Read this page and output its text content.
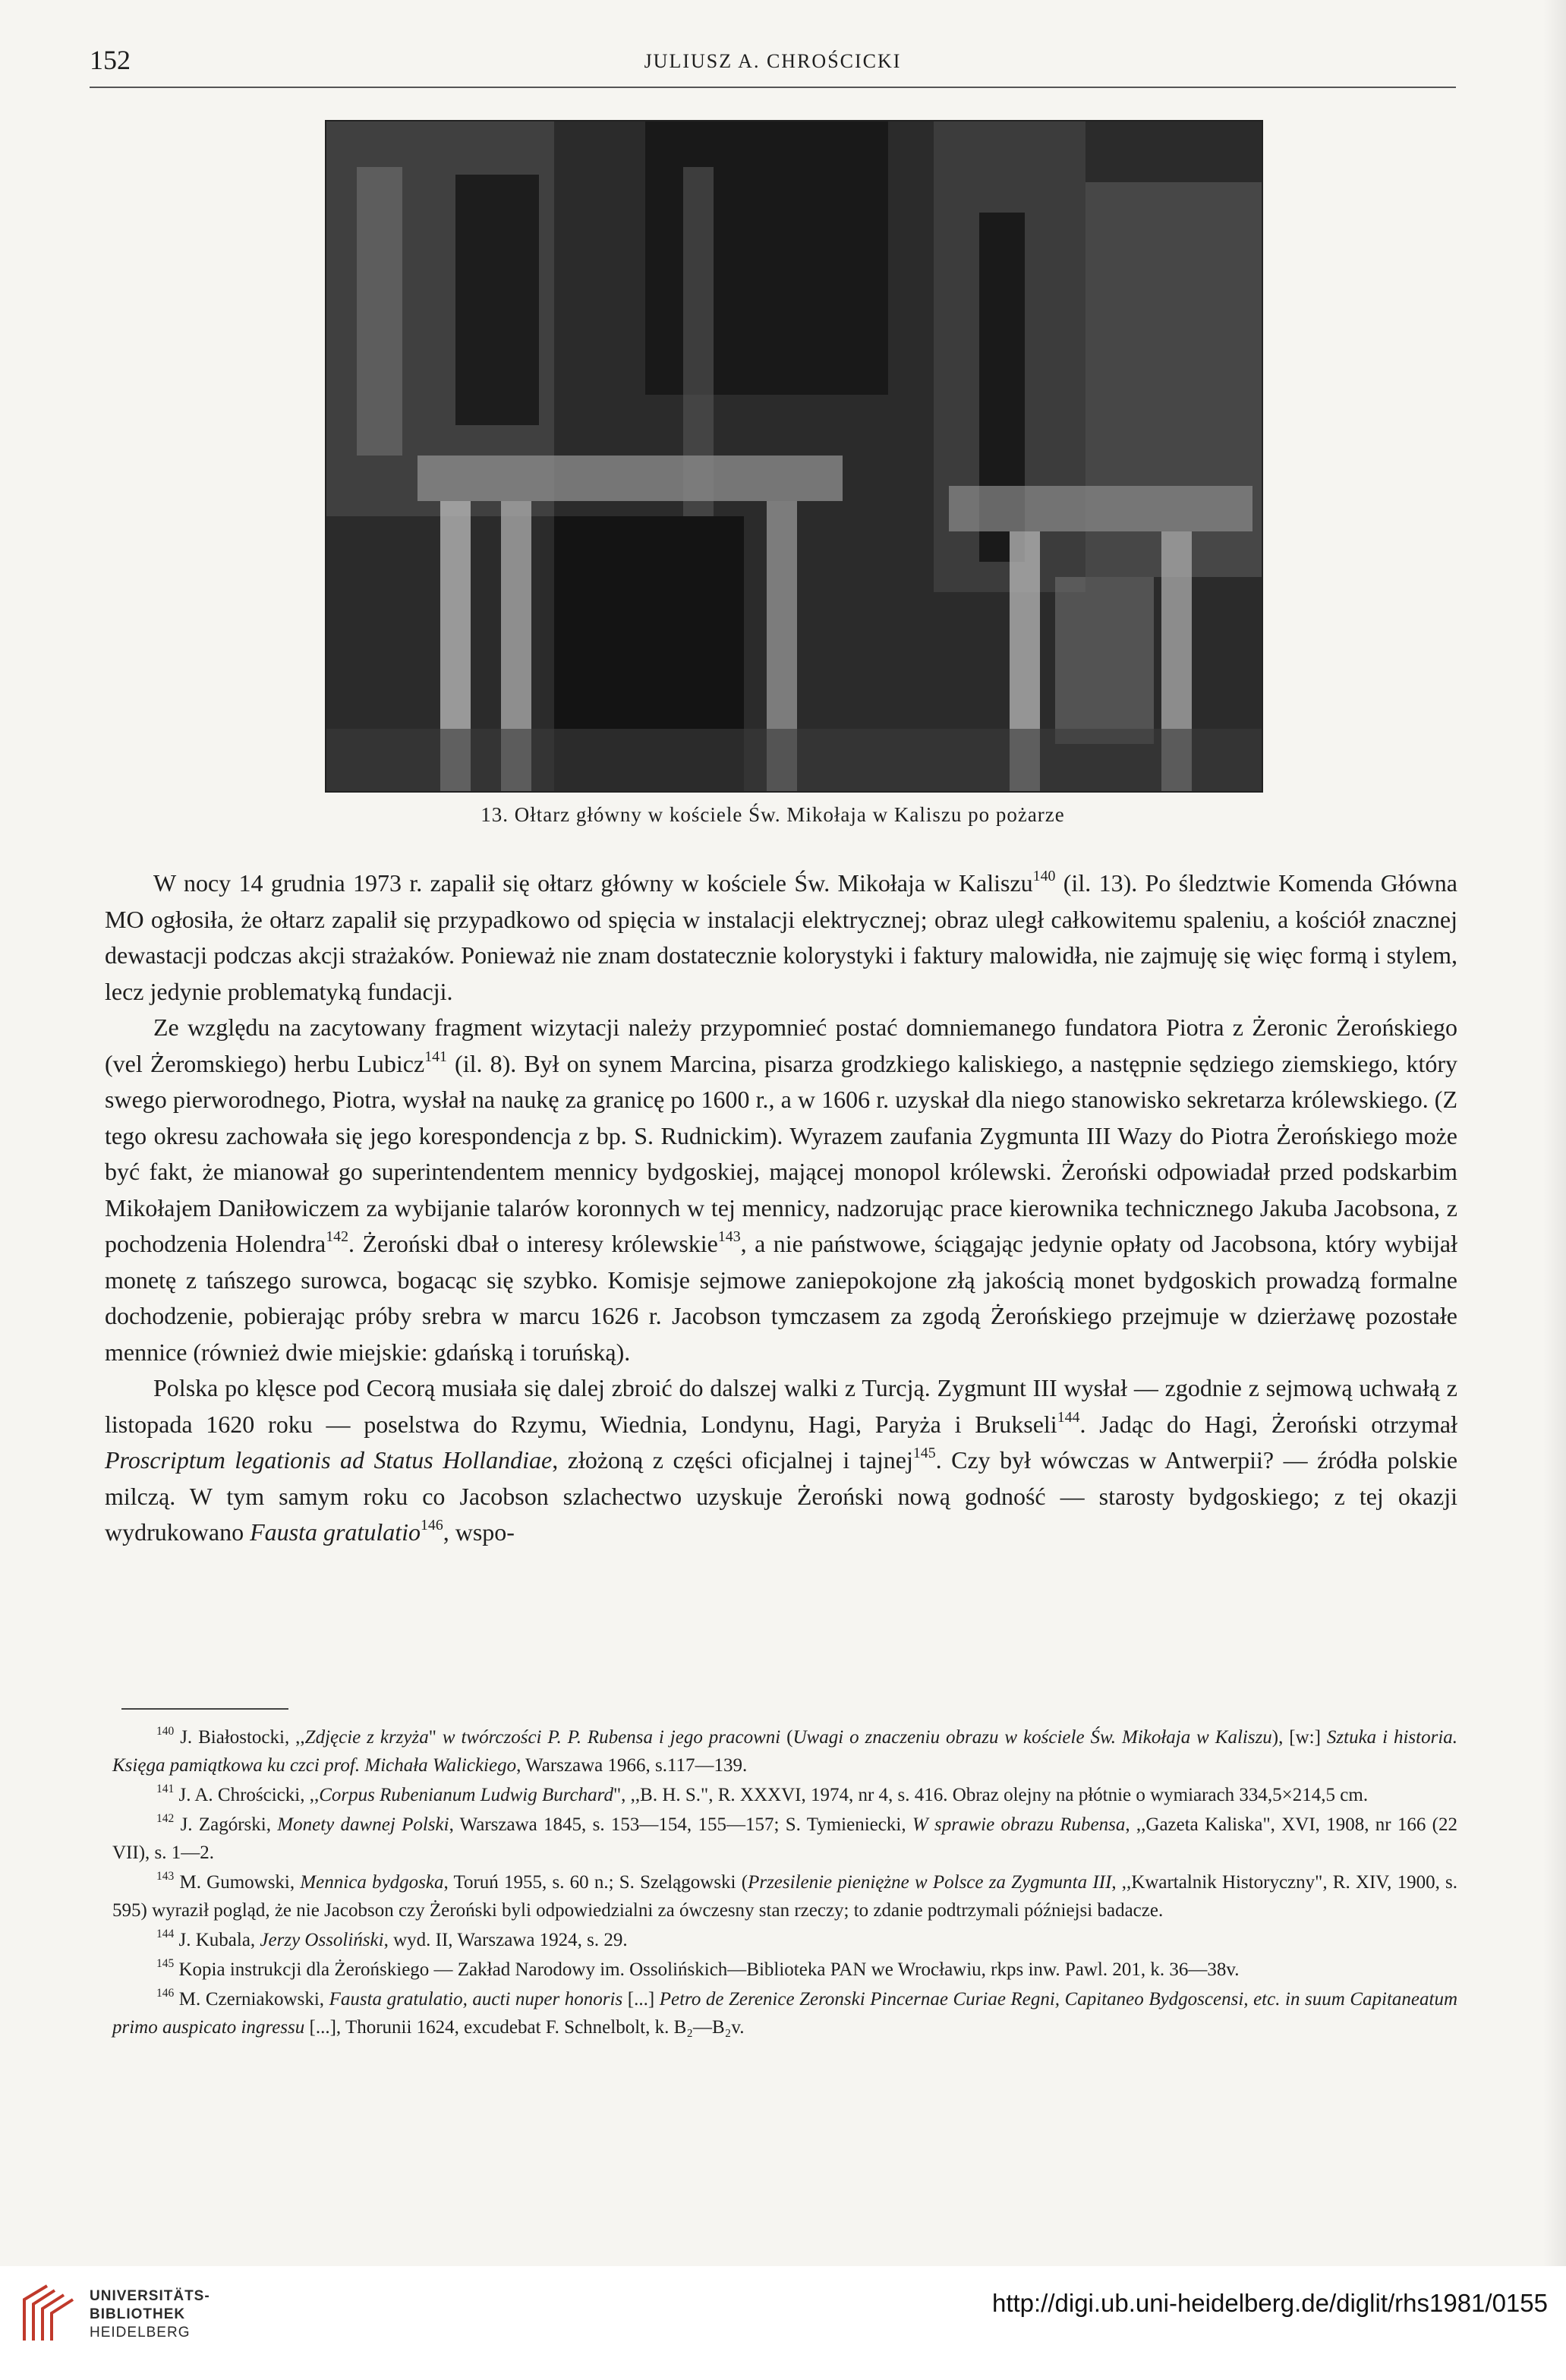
152	JULIUSZ A. CHROŚCICKI
13. Ołtarz główny w kościele Św. Mikołaja w Kaliszu po pożarze

W nocy 14 grudnia 1973 r. zapalił się ołtarz główny w kościele Św. Mikołaja w Kaliszu$^{140}$ (il. 13). Po śledztwie Komenda Główna MO ogłosiła, że ołtarz zapalił się przypadkowo od spięcia w instalacji elektrycznej; obraz uległ całkowitemu spaleniu, a kościół znacznej dewastacji podczas akcji strażaków. Ponieważ nie znam dostatecznie kolorystyki i faktury malowidła, nie zajmuję się więc formą i stylem, lecz jedynie problematyką fundacji.

Ze względu na zacytowany fragment wizytacji należy przypomnieć postać domniemanego fundatora Piotra z Żeronic Żerońskiego (vel Żeromskiego) herbu Lubicz$^{141}$ (il. 8). Był on synem Marcina, pisarza grodzkiego kaliskiego, a następnie sędziego ziemskiego, który swego pierworodnego, Piotra, wysłał na naukę za granicę po 1600 r., a w 1606 r. uzyskał dla niego stanowisko sekretarza królewskiego. (Z tego okresu zachowała się jego korespondencja z bp. S. Rudnickim). Wyrazem zaufania Zygmunta III Wazy do Piotra Żerońskiego może być fakt, że mianował go superintendentem mennicy bydgoskiej, mającej monopol królewski. Żeroński odpowiadał przed podskarbim Mikołajem Daniłowiczem za wybijanie talarów koronnych w tej mennicy, nadzorując prace kierownika technicznego Jakuba Jacobsona, z pochodzenia Holendra$^{142}$. Żeroński dbał o interesy królewskie$^{143}$, a nie państwowe, ściągając jedynie opłaty od Jacobsona, który wybijał monetę z tańszego surowca, bogacąc się szybko. Komisje sejmowe zaniepokojone złą jakością monet bydgoskich prowadzą formalne dochodzenie, pobierając próby srebra w marcu 1626 r. Jacobson tymczasem za zgodą Żerońskiego przejmuje w dzierżawę pozostałe mennice (również dwie miejskie: gdańską i toruńską).

Polska po klęsce pod Cecorą musiała się dalej zbroić do dalszej walki z Turcją. Zygmunt III wysłał — zgodnie z sejmową uchwałą z listopada 1620 roku — poselstwa do Rzymu, Wiednia, Londynu, Hagi, Paryża i Brukseli$^{144}$. Jadąc do Hagi, Żeroński otrzymał Proscriptum legationis ad Status Hollandiae, złożoną z części oficjalnej i tajnej$^{145}$. Czy był wówczas w Antwerpii? — źródła polskie milczą. W tym samym roku co Jacobson szlachectwo uzyskuje Żeroński nową godność — starosty bydgoskiego; z tej okazji wydrukowano Fausta gratulatio$^{146}$, wspo-

$^{140}$ J. Białostocki, ,,Zdjęcie z krzyża" w twórczości P. P. Rubensa i jego pracowni (Uwagi o znaczeniu obrazu w kościele Św. Mikołaja w Kaliszu), [w:] Sztuka i historia. Księga pamiątkowa ku czci prof. Michała Walickiego, Warszawa 1966, s.117—139.

$^{141}$ J. A. Chrościcki, ,,Corpus Rubenianum Ludwig Burchard", ,,B. H. S.", R. XXXVI, 1974, nr 4, s. 416. Obraz olejny na płótnie o wymiarach 334,5×214,5 cm.

$^{142}$ J. Zagórski, Monety dawnej Polski, Warszawa 1845, s. 153—154, 155—157; S. Tymieniecki, W sprawie obrazu Rubensa, ,,Gazeta Kaliska", XVI, 1908, nr 166 (22 VII), s. 1—2.

$^{143}$ M. Gumowski, Mennica bydgoska, Toruń 1955, s. 60 n.; S. Szelągowski (Przesilenie pieniężne w Polsce za Zygmunta III, ,,Kwartalnik Historyczny", R. XIV, 1900, s. 595) wyraził pogląd, że nie Jacobson czy Żeroński byli odpowiedzialni za ówczesny stan rzeczy; to zdanie podtrzymali późniejsi badacze.

$^{144}$ J. Kubala, Jerzy Ossoliński, wyd. II, Warszawa 1924, s. 29.

$^{145}$ Kopia instrukcji dla Żerońskiego — Zakład Narodowy im. Ossolińskich—Biblioteka PAN we Wrocławiu, rkps inw. Pawl. 201, k. 36—38v.

$^{146}$ M. Czerniakowski, Fausta gratulatio, aucti nuper honoris [...] Petro de Zerenice Zeronski Pincernae Curiae Regni, Capitaneo Bydgoscensi, etc. in suum Capitaneatum primo auspicato ingressu [...], Thorunii 1624, excudebat F. Schnelbolt, k. B₂—B₂v.

UNIVERSITÄTS-
BIBLIOTHEK
HEIDELBERG
http://digi.ub.uni-heidelberg.de/diglit/rhs1981/0155
